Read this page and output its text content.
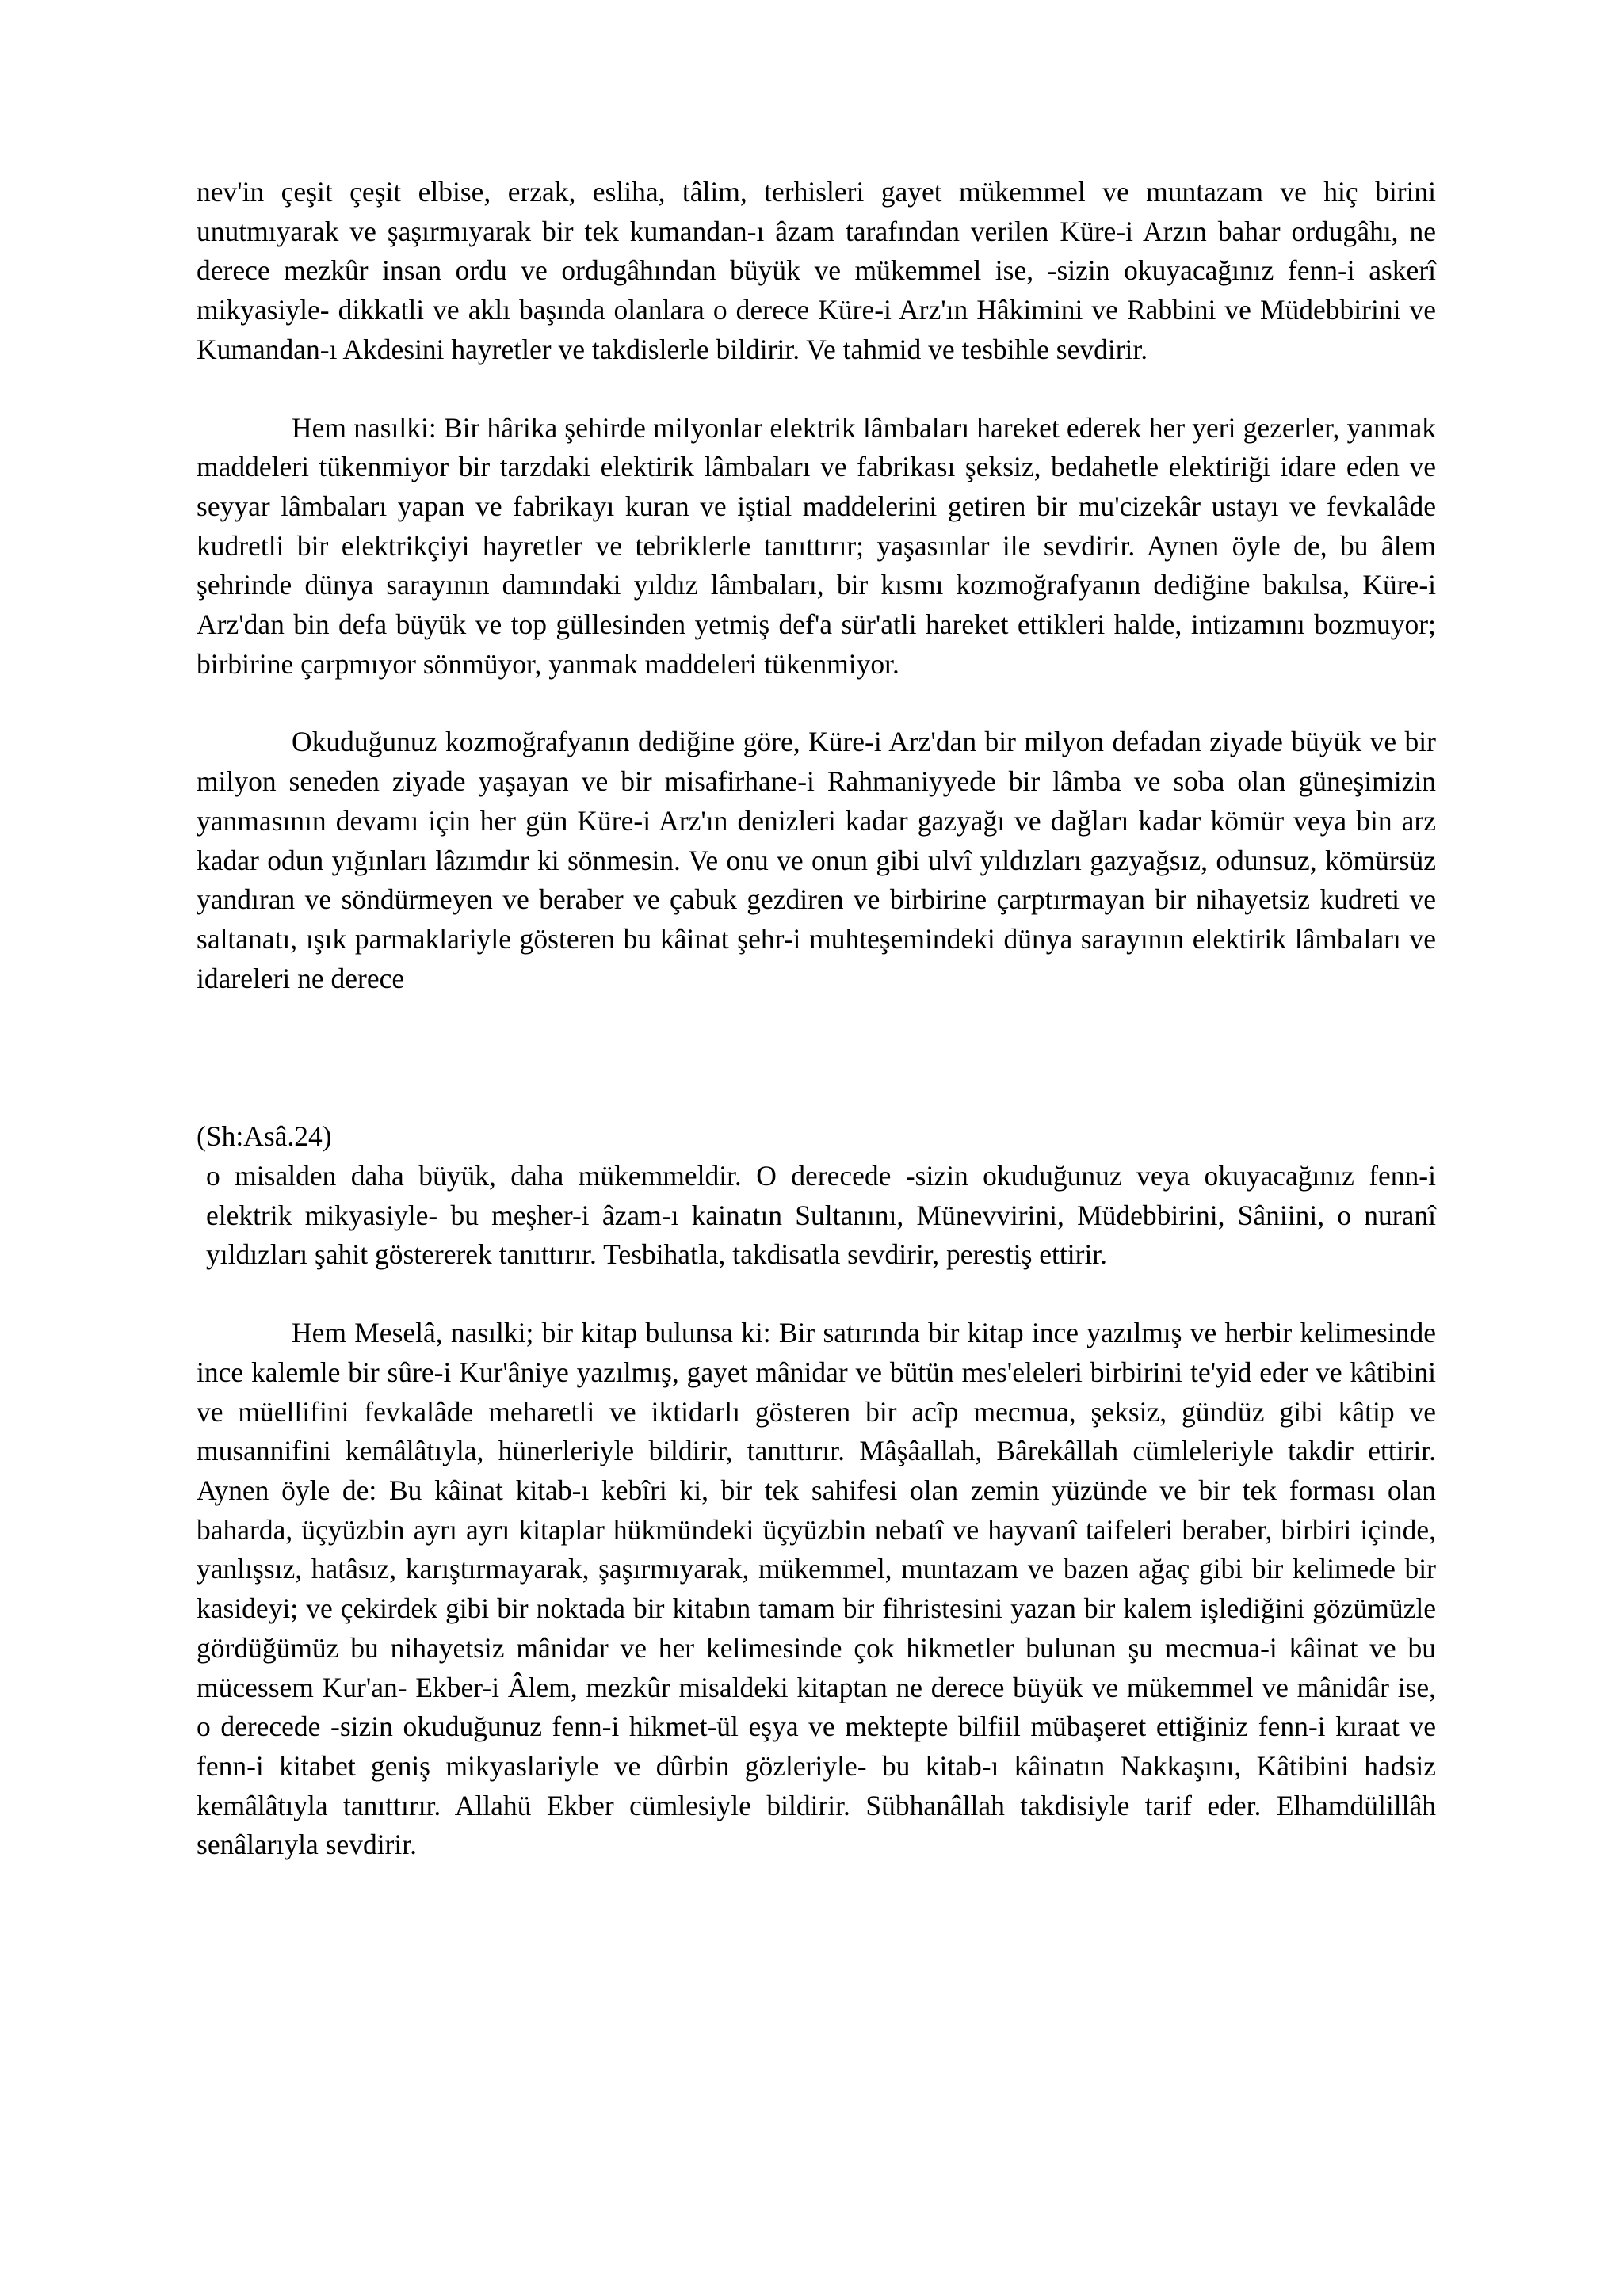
nev'in çeşit çeşit elbise, erzak, esliha, tâlim, terhisleri gayet mükemmel ve muntazam ve hiç birini unutmıyarak ve şaşırmıyarak bir tek kumandan-ı âzam tarafından verilen Küre-i Arzın bahar ordugâhı, ne derece mezkûr insan ordu ve ordugâhından büyük ve mükemmel ise, -sizin okuyacağınız fenn-i askerî mikyasiyle- dikkatli ve aklı başında olanlara o derece Küre-i Arz'ın Hâkimini ve Rabbini ve Müdebbirini ve Kumandan-ı Akdesini hayretler ve takdislerle bildirir. Ve tahmid ve tesbihle sevdirir.

Hem nasılki: Bir hârika şehirde milyonlar elektrik lâmbaları hareket ederek her yeri gezerler, yanmak maddeleri tükenmiyor bir tarzdaki elektirik lâmbaları ve fabrikası şeksiz, bedahetle elektiriği idare eden ve seyyar lâmbaları yapan ve fabrikayı kuran ve iştial maddelerini getiren bir mu'cizekâr ustayı ve fevkalâde kudretli bir elektrikçiyi hayretler ve tebriklerle tanıttırır; yaşasınlar ile sevdirir. Aynen öyle de, bu âlem şehrinde dünya sarayının damındaki yıldız lâmbaları, bir kısmı kozmoğrafyanın dediğine bakılsa, Küre-i Arz'dan bin defa büyük ve top güllesinden yetmiş def'a sür'atli hareket ettikleri halde, intizamını bozmuyor; birbirine çarpmıyor sönmüyor, yanmak maddeleri tükenmiyor.

Okuduğunuz kozmoğrafyanın dediğine göre, Küre-i Arz'dan bir milyon defadan ziyade büyük ve bir milyon seneden ziyade yaşayan ve bir misafirhane-i Rahmaniyyede bir lâmba ve soba olan güneşimizin yanmasının devamı için her gün Küre-i Arz'ın denizleri kadar gazyağı ve dağları kadar kömür veya bin arz kadar odun yığınları lâzımdır ki sönmesin. Ve onu ve onun gibi ulvî yıldızları gazyağsız, odunsuz, kömürsüz yandıran ve söndürmeyen ve beraber ve çabuk gezdiren ve birbirine çarptırmayan bir nihayetsiz kudreti ve saltanatı, ışık parmaklariyle gösteren bu kâinat şehr-i muhteşemindeki dünya sarayının elektirik lâmbaları ve idareleri ne derece

(Sh:Asâ.24)

o misalden daha büyük, daha mükemmeldir. O derecede -sizin okuduğunuz veya okuyacağınız fenn-i elektrik mikyasiyle- bu meşher-i âzam-ı kainatın Sultanını, Münevvirini, Müdebbirini, Sâniini, o nuranî yıldızları şahit göstererek tanıttırır. Tesbihatla, takdisatla sevdirir, perestiş ettirir.

Hem Meselâ, nasılki; bir kitap bulunsa ki: Bir satırında bir kitap ince yazılmış ve herbir kelimesinde ince kalemle bir sûre-i Kur'âniye yazılmış, gayet mânidar ve bütün mes'eleleri birbirini te'yid eder ve kâtibini ve müellifini fevkalâde meharetli ve iktidarlı gösteren bir acîp mecmua, şeksiz, gündüz gibi kâtip ve musannifini kemâlâtıyla, hünerleriyle bildirir, tanıttırır. Mâşâallah, Bârekâllah cümleleriyle takdir ettirir. Aynen öyle de: Bu kâinat kitab-ı kebîri ki, bir tek sahifesi olan zemin yüzünde ve bir tek forması olan baharda, üçyüzbin ayrı ayrı kitaplar hükmündeki üçyüzbin nebatî ve hayvanî taifeleri beraber, birbiri içinde, yanlışsız, hatâsız, karıştırmayarak, şaşırmıyarak, mükemmel, muntazam ve bazen ağaç gibi bir kelimede bir kasideyi; ve çekirdek gibi bir noktada bir kitabın tamam bir fihristesini yazan bir kalem işlediğini gözümüzle gördüğümüz bu nihayetsiz mânidar ve her kelimesinde çok hikmetler bulunan şu mecmua-i kâinat ve bu mücessem Kur'an- Ekber-i Âlem, mezkûr misaldeki kitaptan ne derece büyük ve mükemmel ve mânidâr ise, o derecede -sizin okuduğunuz fenn-i hikmet-ül eşya ve mektepte bilfiil mübaşeret ettiğiniz fenn-i kıraat ve fenn-i kitabet geniş mikyaslariyle ve dûrbin gözleriyle- bu kitab-ı kâinatın Nakkaşını, Kâtibini hadsiz kemâlâtıyla tanıttırır. Allahü Ekber cümlesiyle bildirir. Sübhanâllah takdisiyle tarif eder. Elhamdülillâh senâlarıyla sevdirir.
